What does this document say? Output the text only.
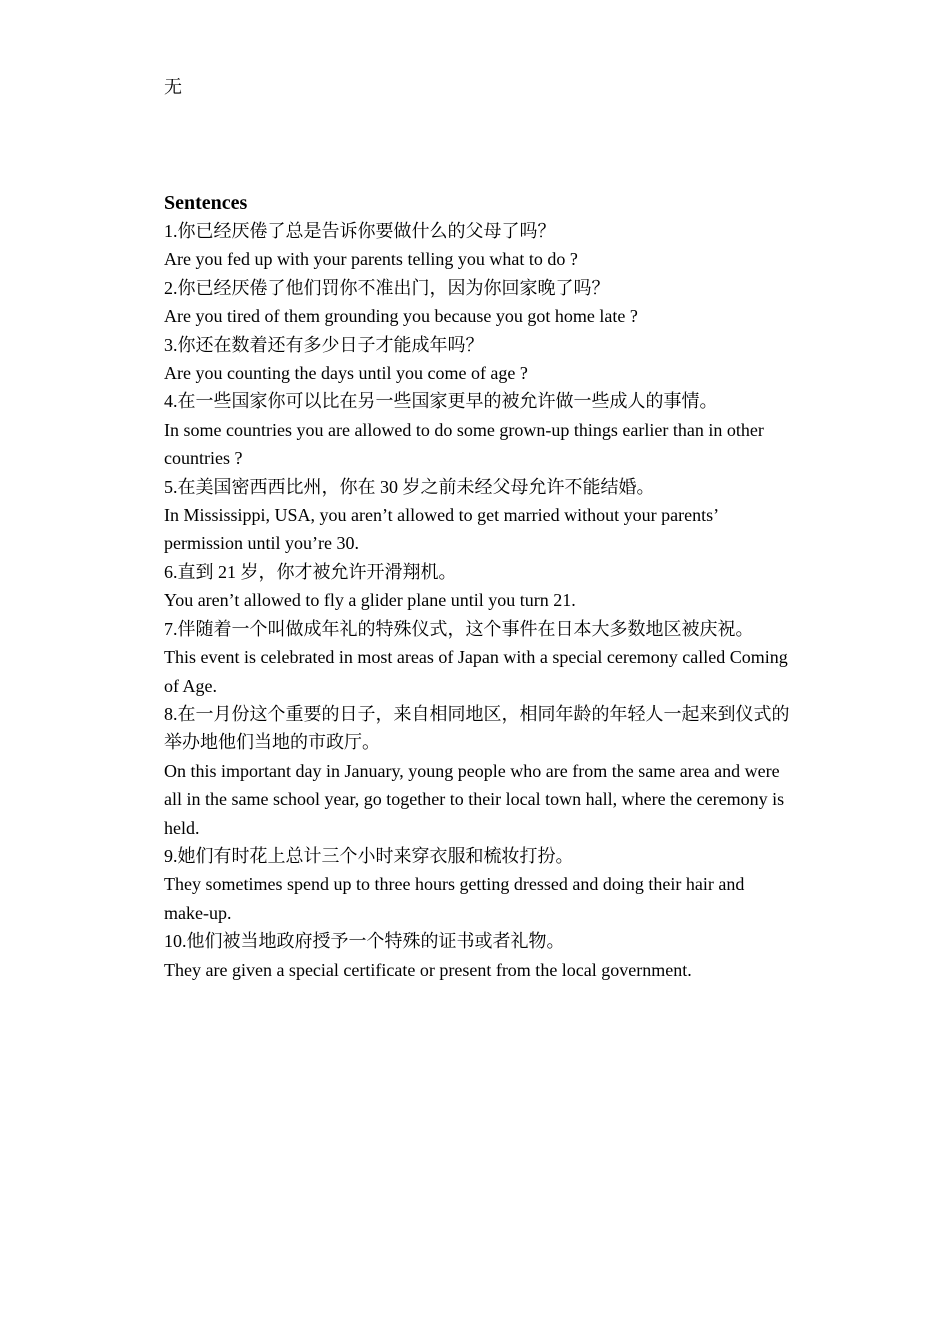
无
Sentences

1.你已经厌倦了总是告诉你要做什么的父母了吗？

Are you fed up with your parents telling you what to do ?

2.你已经厌倦了他们罚你不准出门，因为你回家晚了吗？

Are you tired of them grounding you because you got home late ?

3.你还在数着还有多少日子才能成年吗？

Are you counting the days until you come of age ?

4.在一些国家你可以比在另一些国家更早的被允许做一些成人的事情。

In some countries you are allowed to do some grown-up things earlier than in other countries ?

5.在美国密西西比州，你在 30 岁之前未经父母允许不能结婚。

In Mississippi, USA, you aren’t allowed to get married without your parents’ permission until you’re 30.

6.直到 21 岁，你才被允许开滑翔机。

You aren’t allowed to fly a glider plane until you turn 21.

7.伴随着一个叫做成年礼的特殊仪式，这个事件在日本大多数地区被庆祝。

This event is celebrated in most areas of Japan with a special ceremony called Coming of Age.

8.在一月份这个重要的日子，来自相同地区，相同年龄的年轻人一起来到仪式的举办地他们当地的市政厅。

On this important day in January, young people who are from the same area and were all in the same school year, go together to their local town hall, where the ceremony is held.

9.她们有时花上总计三个小时来穿衣服和梳妆打扮。

They sometimes spend up to three hours getting dressed and doing their hair and make-up.

10.他们被当地政府授予一个特殊的证书或者礼物。

They are given a special certificate or present from the local government.
